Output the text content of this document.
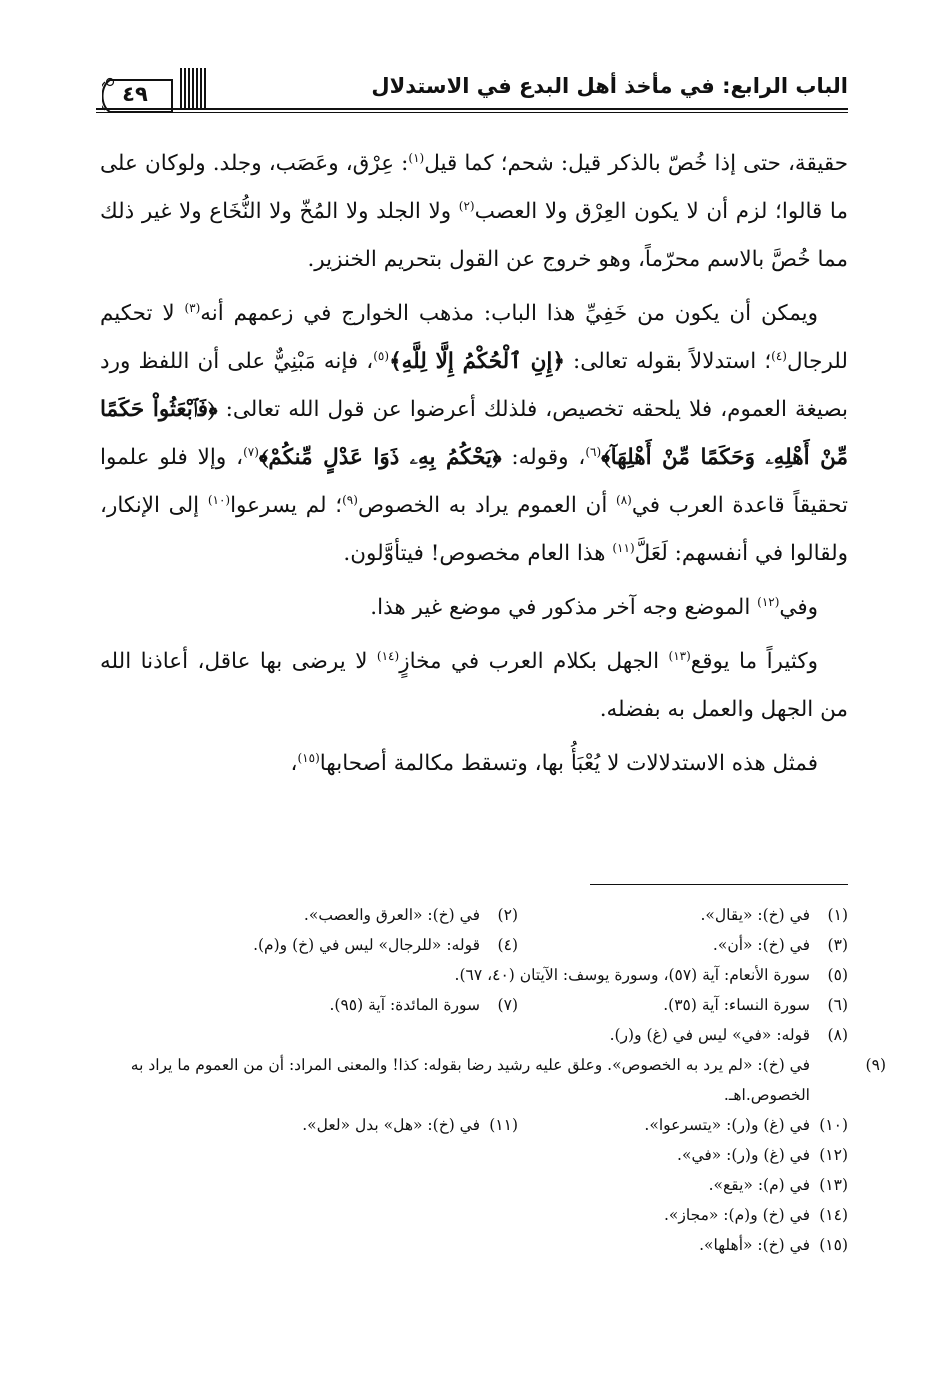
الباب الرابع: في مأخذ أهل البدع في الاستدلال
٤٩

حقيقة، حتى إذا خُصّ بالذكر قيل: شحم؛ كما قيل$^{(١)}$: عِرْق، وعَصَب، وجلد. ولوكان على ما قالوا؛ لزم أن لا يكون العِرْق ولا العصب$^{(٢)}$ ولا الجلد ولا المُخّ ولا النُّخَاع ولا غير ذلك مما خُصَّ بالاسم محرّماً، وهو خروج عن القول بتحريم الخنزير.

ويمكن أن يكون من خَفِيِّ هذا الباب: مذهب الخوارج في زعمهم أنه$^{(٣)}$ لا تحكيم للرجال$^{(٤)}$؛ استدلالاً بقوله تعالى: ﴿إِنِ ٱلْحُكْمُ إِلَّا لِلَّهِ﴾$^{(٥)}$، فإنه مَبْنِيٌّ على أن اللفظ ورد بصيغة العموم، فلا يلحقه تخصيص، فلذلك أعرضوا عن قول الله تعالى: ﴿فَٱبْعَثُواْ حَكَمًا مِّنْ أَهْلِهِۦ وَحَكَمًا مِّنْ أَهْلِهَآ﴾$^{(٦)}$، وقوله: ﴿يَحْكُمُ بِهِۦ ذَوَا عَدْلٍ مِّنكُمْ﴾$^{(٧)}$، وإلا فلو علموا تحقيقاً قاعدة العرب في$^{(٨)}$ أن العموم يراد به الخصوص$^{(٩)}$؛ لم يسرعوا$^{(١٠)}$ إلى الإنكار، ولقالوا في أنفسهم: لَعَلَّ$^{(١١)}$ هذا العام مخصوص! فيتأوَّلون.

وفي$^{(١٢)}$ الموضع وجه آخر مذكور في موضع غير هذا.

وكثيراً ما يوقع$^{(١٣)}$ الجهل بكلام العرب في مخازٍ$^{(١٤)}$ لا يرضى بها عاقل، أعاذنا الله من الجهل والعمل به بفضله.

فمثل هذه الاستدلالات لا يُعْبَأُ بها، وتسقط مكالمة أصحابها$^{(١٥)}$،

(١)في (خ): «يقال».
(٢)في (خ): «العرق والعصب».
(٣)في (خ): «أن».
(٤)قوله: «للرجال» ليس في (خ) و(م).
(٥)
سورة الأنعام: آية (٥٧)، وسورة يوسف: الآيتان (٤٠، ٦٧).
(٦)سورة النساء: آية (٣٥).
(٧)سورة المائدة: آية (٩٥).
(٨)
قوله: «في» ليس في (غ) و(ر).
(٩)في (خ): «لم يرد به الخصوص». وعلق عليه رشيد رضا بقوله: كذا! والمعنى المراد: أن من العموم ما يراد به الخصوص.اهـ.
(١٠)في (غ) و(ر): «يتسرعوا».
(١١)في (خ): «هل» بدل «لعل».
(١٢)
في (غ) و(ر): «في».
(١٣)
في (م): «يقع».
(١٤)
في (خ) و(م): «مجاز».
(١٥)
في (خ): «أهلها».
